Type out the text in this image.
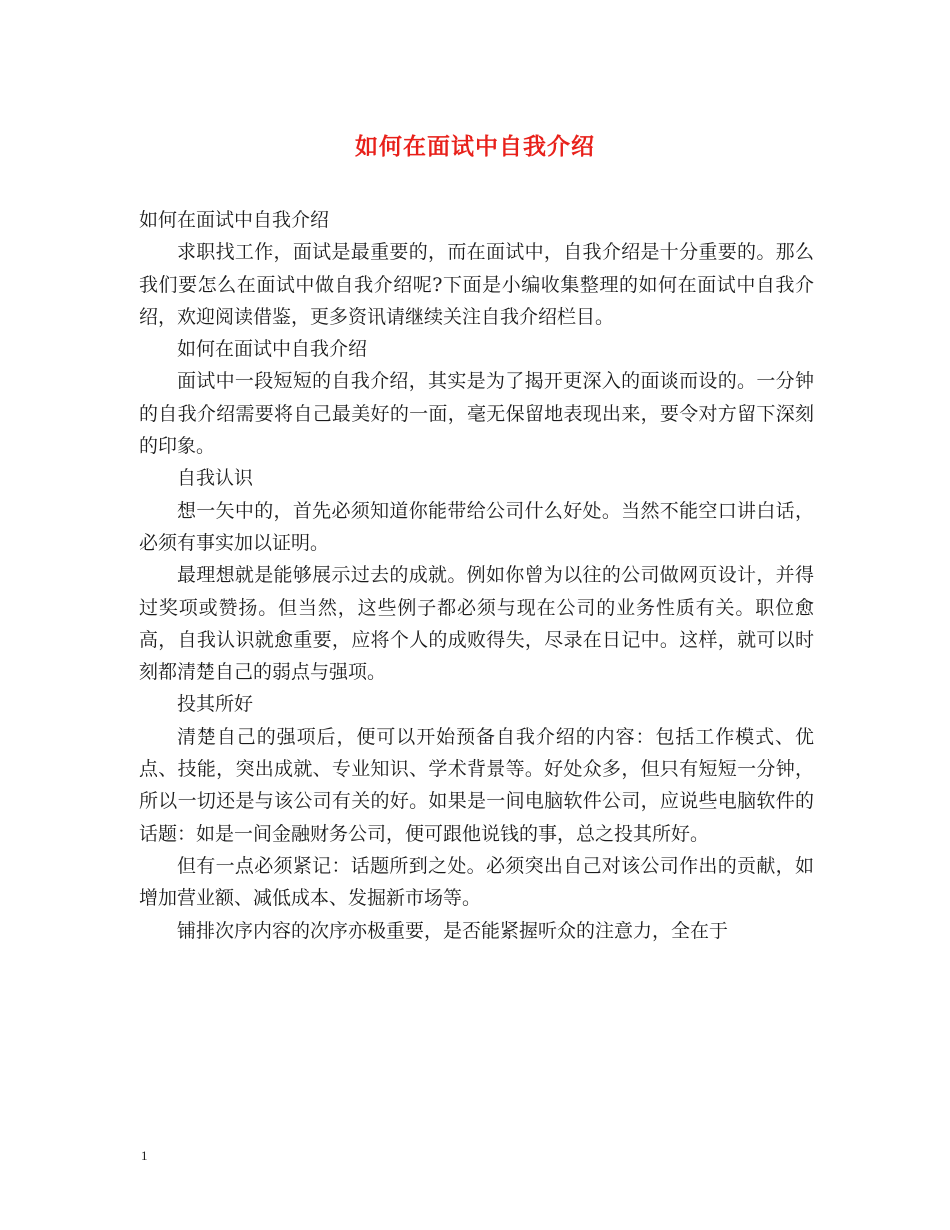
如何在面试中自我介绍

如何在面试中自我介绍

求职找工作，面试是最重要的，而在面试中，自我介绍是十分重要的。那么我们要怎么在面试中做自我介绍呢?下面是小编收集整理的如何在面试中自我介绍，欢迎阅读借鉴，更多资讯请继续关注自我介绍栏目。

如何在面试中自我介绍

面试中一段短短的自我介绍，其实是为了揭开更深入的面谈而设的。一分钟的自我介绍需要将自己最美好的一面，毫无保留地表现出来，要令对方留下深刻的印象。

自我认识

想一矢中的，首先必须知道你能带给公司什么好处。当然不能空口讲白话，必须有事实加以证明。

最理想就是能够展示过去的成就。例如你曾为以往的公司做网页设计，并得过奖项或赞扬。但当然，这些例子都必须与现在公司的业务性质有关。职位愈高，自我认识就愈重要，应将个人的成败得失，尽录在日记中。这样，就可以时刻都清楚自己的弱点与强项。

投其所好

清楚自己的强项后，便可以开始预备自我介绍的内容：包括工作模式、优点、技能，突出成就、专业知识、学术背景等。好处众多，但只有短短一分钟，所以一切还是与该公司有关的好。如果是一间电脑软件公司，应说些电脑软件的话题：如是一间金融财务公司，便可跟他说钱的事，总之投其所好。

但有一点必须紧记：话题所到之处。必须突出自己对该公司作出的贡献，如增加营业额、减低成本、发掘新市场等。

铺排次序内容的次序亦极重要，是否能紧握听众的注意力，全在于

1
